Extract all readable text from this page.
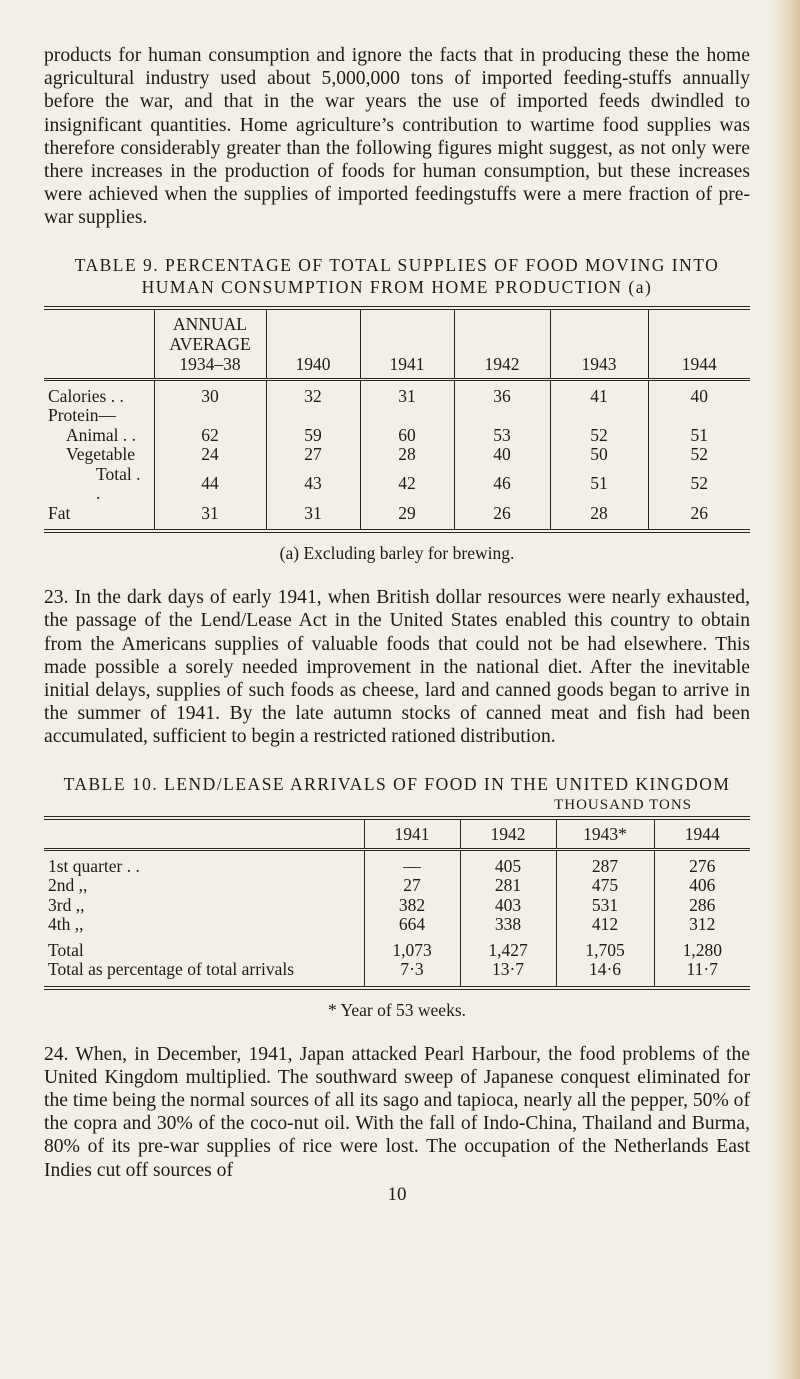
products for human consumption and ignore the facts that in producing these the home agricultural industry used about 5,000,000 tons of imported feeding-stuffs annually before the war, and that in the war years the use of imported feeds dwindled to insignificant quantities. Home agriculture’s contribution to wartime food supplies was therefore considerably greater than the following figures might suggest, as not only were there increases in the production of foods for human consumption, but these increases were achieved when the supplies of imported feedingstuffs were a mere fraction of pre-war supplies.

TABLE 9. PERCENTAGE OF TOTAL SUPPLIES OF FOOD MOVING INTO
HUMAN CONSUMPTION FROM HOME PRODUCTION (a)
	ANNUAL AVERAGE 1934–38	1940	1941	1942	1943	1944

Calories . .	30	32	31	36	41	40
Protein—						
Animal . .	62	59	60	53	52	51
Vegetable	24	27	28	40	50	52
Total . .	44	43	42	46	51	52
Fat	31	31	29	26	28	26

(a) Excluding barley for brewing.

23. In the dark days of early 1941, when British dollar resources were nearly exhausted, the passage of the Lend/Lease Act in the United States enabled this country to obtain from the Americans supplies of valuable foods that could not be had elsewhere. This made possible a sorely needed improvement in the national diet. After the inevitable initial delays, supplies of such foods as cheese, lard and canned goods began to arrive in the summer of 1941. By the late autumn stocks of canned meat and fish had been accumulated, sufficient to begin a restricted rationed distribution.

TABLE 10. LEND/LEASE ARRIVALS OF FOOD IN THE UNITED KINGDOM
THOUSAND TONS
	1941	1942	1943*	1944

1st quarter . .	—	405	287	276
2nd ,,	27	281	475	406
3rd ,,	382	403	531	286
4th ,,	664	338	412	312

Total	1,073	1,427	1,705	1,280
Total as percentage of total arrivals	7·3	13·7	14·6	11·7

* Year of 53 weeks.

24. When, in December, 1941, Japan attacked Pearl Harbour, the food problems of the United Kingdom multiplied. The southward sweep of Japanese conquest eliminated for the time being the normal sources of all its sago and tapioca, nearly all the pepper, 50% of the copra and 30% of the coco-nut oil. With the fall of Indo-China, Thailand and Burma, 80% of its pre-war supplies of rice were lost. The occupation of the Netherlands East Indies cut off sources of

10
